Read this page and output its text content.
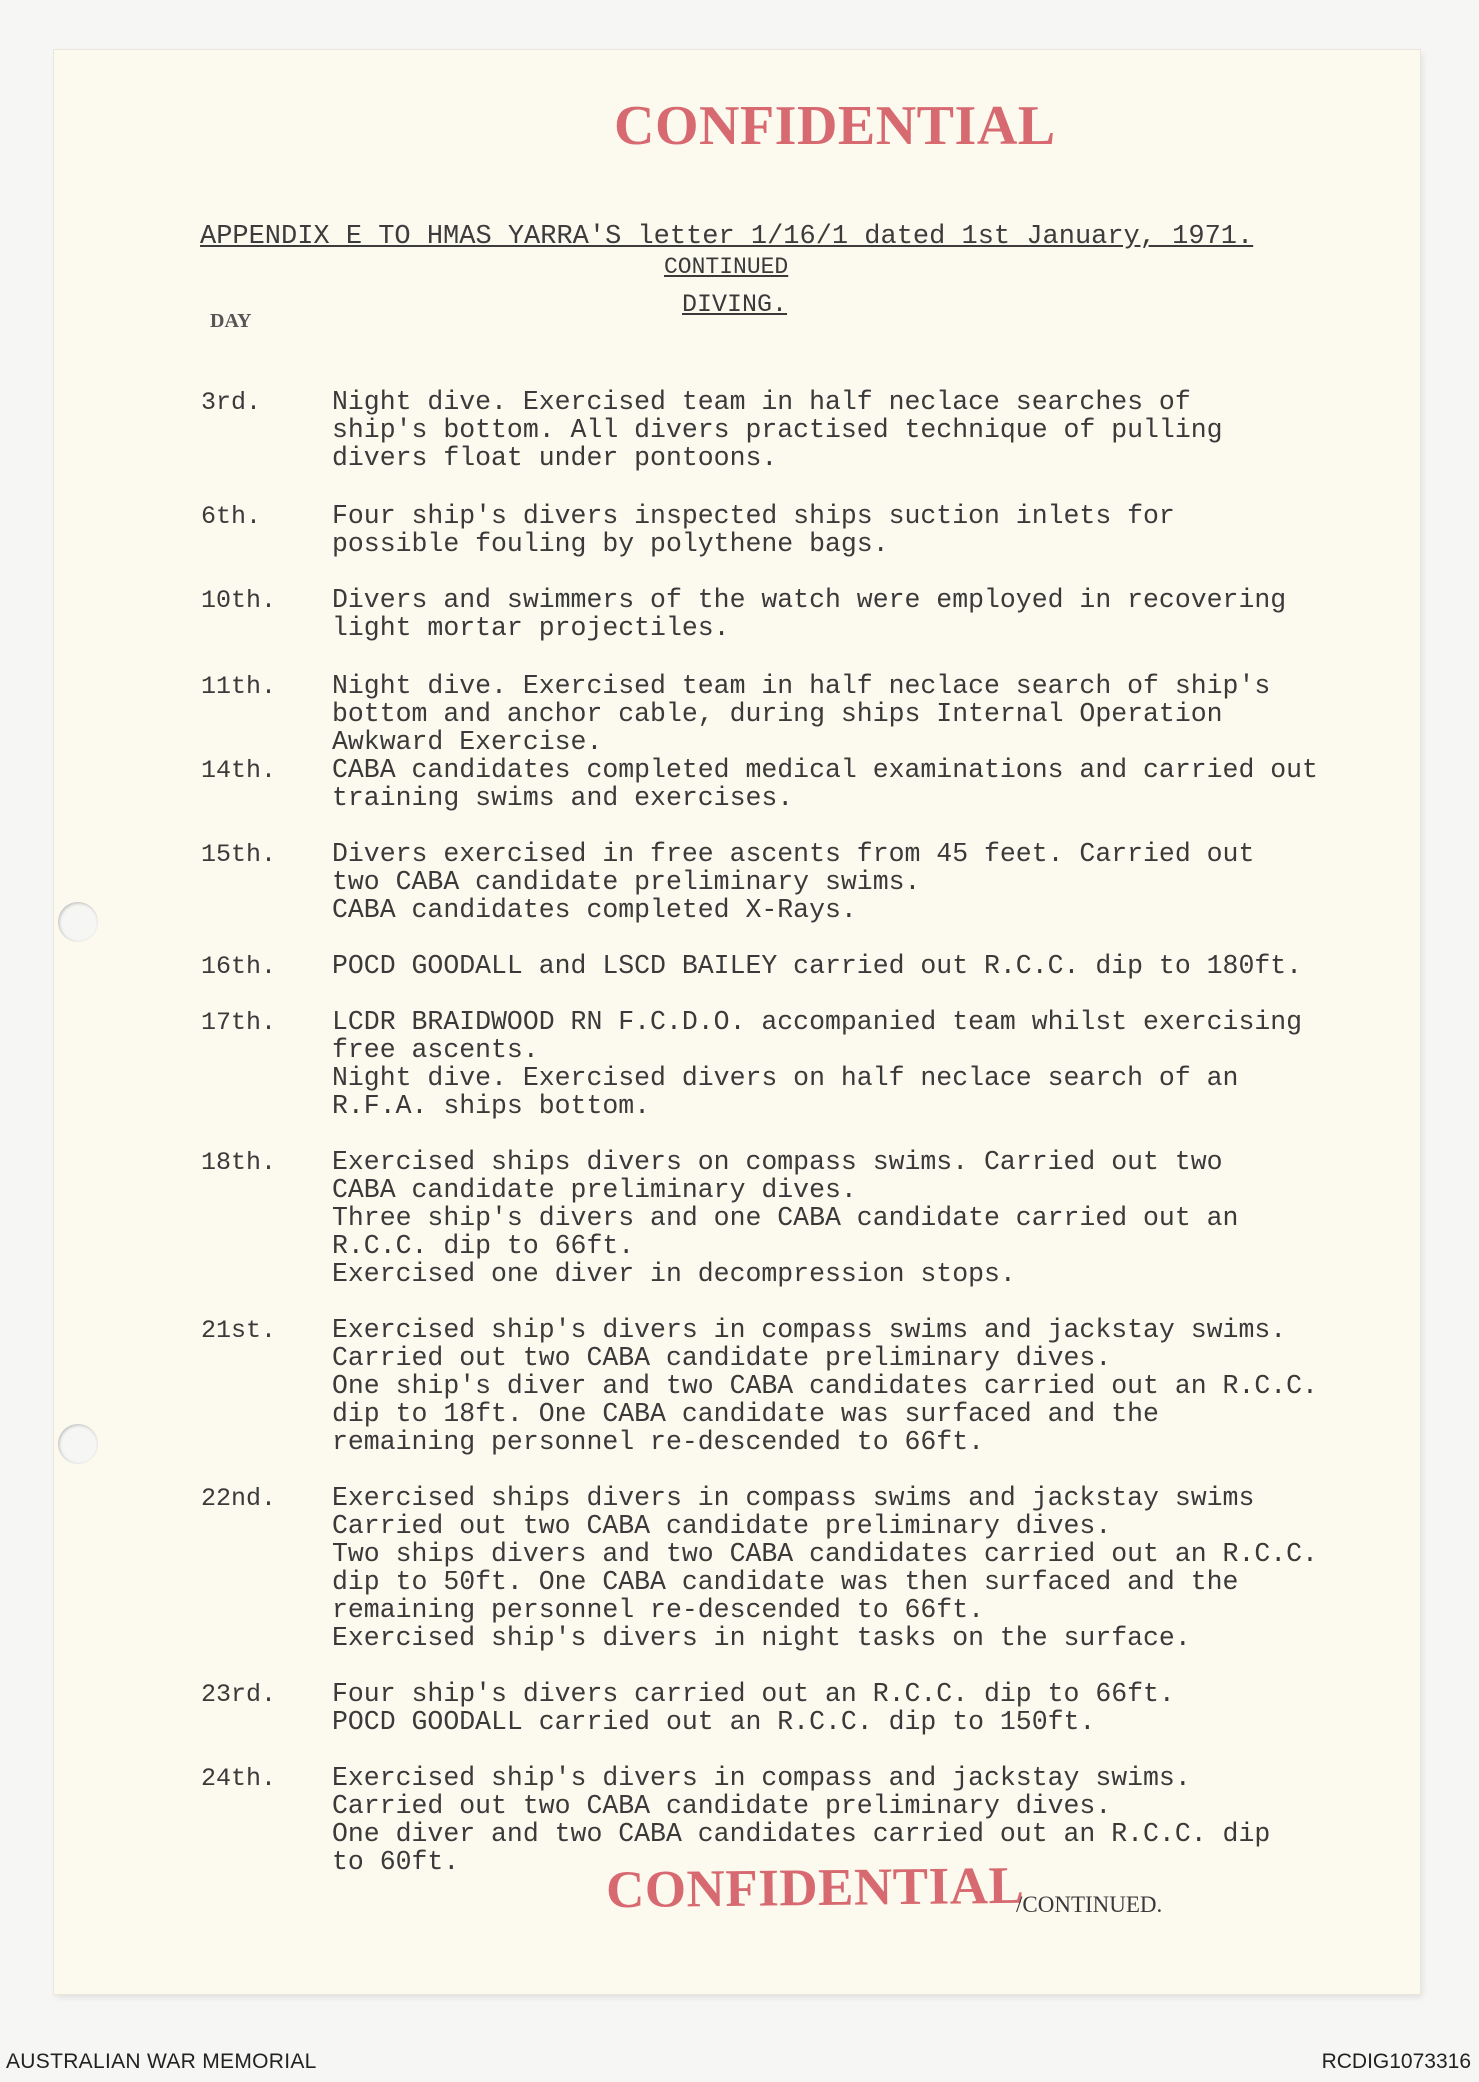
CONFIDENTIAL
APPENDIX E TO HMAS YARRA'S letter 1/16/1 dated 1st January, 1971.
CONTINUED
DIVING.
DAY
3rd.	Night dive. Exercised team in half neclace searches of
ship's bottom. All divers practised technique of pulling
divers float under pontoons.
6th.	Four ship's divers inspected ships suction inlets for
possible fouling by polythene bags.
10th. Divers and swimmers of the watch were employed in recovering
light mortar projectiles.
11th. Night dive. Exercised team in half neclace search of ship's
bottom and anchor cable, during ships Internal Operation
Awkward Exercise.
14th. CABA candidates completed medical examinations and carried out
training swims and exercises.
15th. Divers exercised in free ascents from 45 feet. Carried out
two CABA candidate preliminary swims.
CABA candidates completed X-Rays.
16th. POCD GOODALL and LSCD BAILEY carried out R.C.C. dip to 180ft.
17th. LCDR BRAIDWOOD RN F.C.D.O. accompanied team whilst exercising
free ascents.
Night dive. Exercised divers on half neclace search of an
R.F.A. ships bottom.
18th. Exercised ships divers on compass swims. Carried out two
CABA candidate preliminary dives.
Three ship's divers and one CABA candidate carried out an
R.C.C. dip to 66ft.
Exercised one diver in decompression stops.
21st. Exercised ship's divers in compass swims and jackstay swims.
Carried out two CABA candidate preliminary dives.
One ship's diver and two CABA candidates carried out an R.C.C.
dip to 18ft. One CABA candidate was surfaced and the
remaining personnel re-descended to 66ft.
22nd. Exercised ships divers in compass swims and jackstay swims
Carried out two CABA candidate preliminary dives.
Two ships divers and two CABA candidates carried out an R.C.C.
dip to 50ft. One CABA candidate was then surfaced and the
remaining personnel re-descended to 66ft.
Exercised ship's divers in night tasks on the surface.
23rd. Four ship's divers carried out an R.C.C. dip to 66ft.
POCD GOODALL carried out an R.C.C. dip to 150ft.
24th. Exercised ship's divers in compass and jackstay swims.
Carried out two CABA candidate preliminary dives.
One diver and two CABA candidates carried out an R.C.C. dip
to 60ft.	CONFIDENTIAL
/CONTINUED.
AUSTRALIAN WAR MEMORIAL	RCDIG1073316
